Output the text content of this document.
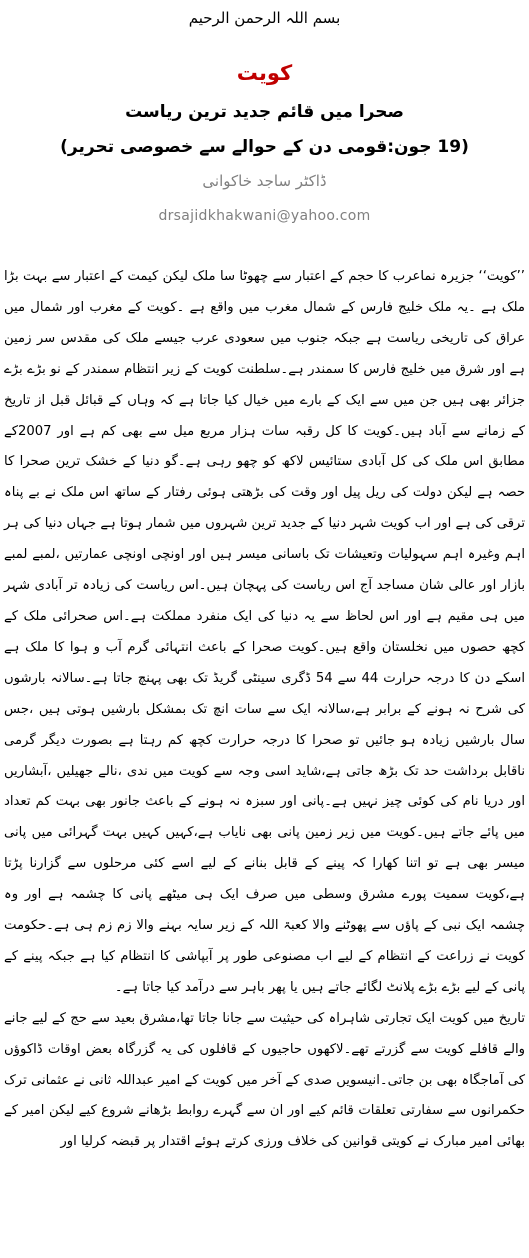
بسم اللہ الرحمن الرحیم
کویت
صحرا میں قائم جدید ترین ریاست
(19 جون:قومی دن کے حوالے سے خصوصی تحریر)
ڈاکٹر ساجد خاکوانی
drsajidkhakwani@yahoo.com

’’کویت‘‘ جزیرہ نماعرب کا حجم کے اعتبار سے چھوٹا سا ملک لیکن کیمت کے اعتبار سے بہت بڑا ملک ہے ۔یہ ملک خلیج فارس کے شمال مغرب میں واقع ہے ۔کویت کے مغرب اور شمال میں عراق کی تاریخی ریاست ہے جبکہ جنوب میں سعودی عرب جیسے ملک کی مقدس سر زمین ہے اور شرق میں خلیج فارس کا سمندر ہے۔سلطنت کویت کے زیر انتظام سمندر کے نو بڑے بڑے جزائر بھی ہیں جن میں سے ایک کے بارے میں خیال کیا جاتا ہے کہ وہاں کے قبائل قبل از تاریخ کے زمانے سے آباد ہیں۔کویت کا کل رقبہ سات ہزار مربع میل سے بھی کم ہے اور 2007کے مطابق اس ملک کی کل آبادی ستائیس لاکھ کو چھو رہی ہے۔گو دنیا کے خشک ترین صحرا کا حصہ ہے لیکن دولت کی ریل پیل اور وقت کی بڑھتی ہوئی رفتار کے ساتھ اس ملک نے بے پناہ ترقی کی ہے اور اب کویت شہر دنیا کے جدید ترین شہروں میں شمار ہوتا ہے جہاں دنیا کی ہر اہم وغیرہ اہم سہولیات وتعیشات تک باسانی میسر ہیں اور اونچی اونچی عمارتیں ،لمبے لمبے بازار اور عالی شان مساجد آج اس ریاست کی پہچان ہیں۔اس ریاست کی زیادہ تر آبادی شہر میں ہی مقیم ہے اور اس لحاظ سے یہ دنیا کی ایک منفرد مملکت ہے۔اس صحرائی ملک کے کچھ حصوں میں نخلستان واقع ہیں۔کویت صحرا کے باعث انتہائی گرم آب و ہوا کا ملک ہے اسکے دن کا درجہ حرارت 44 سے 54 ڈگری سینٹی گریڈ تک بھی پہنچ جاتا ہے۔سالانہ بارشوں کی شرح نہ ہونے کے برابر ہے،سالانہ ایک سے سات انچ تک بمشکل بارشیں ہوتی ہیں ،جس سال بارشیں زیادہ ہو جائیں تو صحرا کا درجہ حرارت کچھ کم رہتا ہے بصورت دیگر گرمی ناقابل برداشت حد تک بڑھ جاتی ہے،شاید اسی وجہ سے کویت میں ندی ،نالے جھیلیں ،آبشاریں اور دریا نام کی کوئی چیز نہیں ہے۔پانی اور سبزہ نہ ہونے کے باعث جانور بھی بہت کم تعداد میں پائے جاتے ہیں۔کویت میں زیر زمین پانی بھی نایاب ہے،کہیں کہیں بہت گہرائی میں پانی میسر بھی ہے تو اتنا کھارا کہ پینے کے قابل بنانے کے لیے اسے کئی مرحلوں سے گزارنا پڑتا ہے،کویت سمیت پورے مشرق وسطی میں صرف ایک ہی میٹھے پانی کا چشمہ ہے اور وہ چشمہ ایک نبی کے پاؤں سے پھوٹنے والا کعبۃ اللہ کے زیر سایہ بہنے والا زم زم ہی ہے۔حکومت کویت نے زراعت کے انتظام کے لیے اب مصنوعی طور پر آبپاشی کا انتظام کیا ہے جبکہ پینے کے پانی کے لیے بڑے بڑے پلانٹ لگائے جاتے ہیں یا پھر باہر سے درآمد کیا جاتا ہے۔

تاریخ میں کویت ایک تجارتی شاہراہ کی حیثیت سے جانا جاتا تھا،مشرق بعید سے حج کے لیے جانے والے قافلے کویت سے گزرتے تھے۔لاکھوں حاجیوں کے قافلوں کی یہ گزرگاہ بعض اوقات ڈاکوؤں کی آماجگاہ بھی بن جاتی۔انیسویں صدی کے آخر میں کویت کے امیر عبداللہ ثانی نے عثمانی ترک حکمرانوں سے سفارتی تعلقات قائم کیے اور ان سے گہرے روابط بڑھانے شروع کیے لیکن امیر کے بھائی امیر مبارک نے کویتی قوانین کی خلاف ورزی کرتے ہوئے اقتدار پر قبضہ کرلیا اور
